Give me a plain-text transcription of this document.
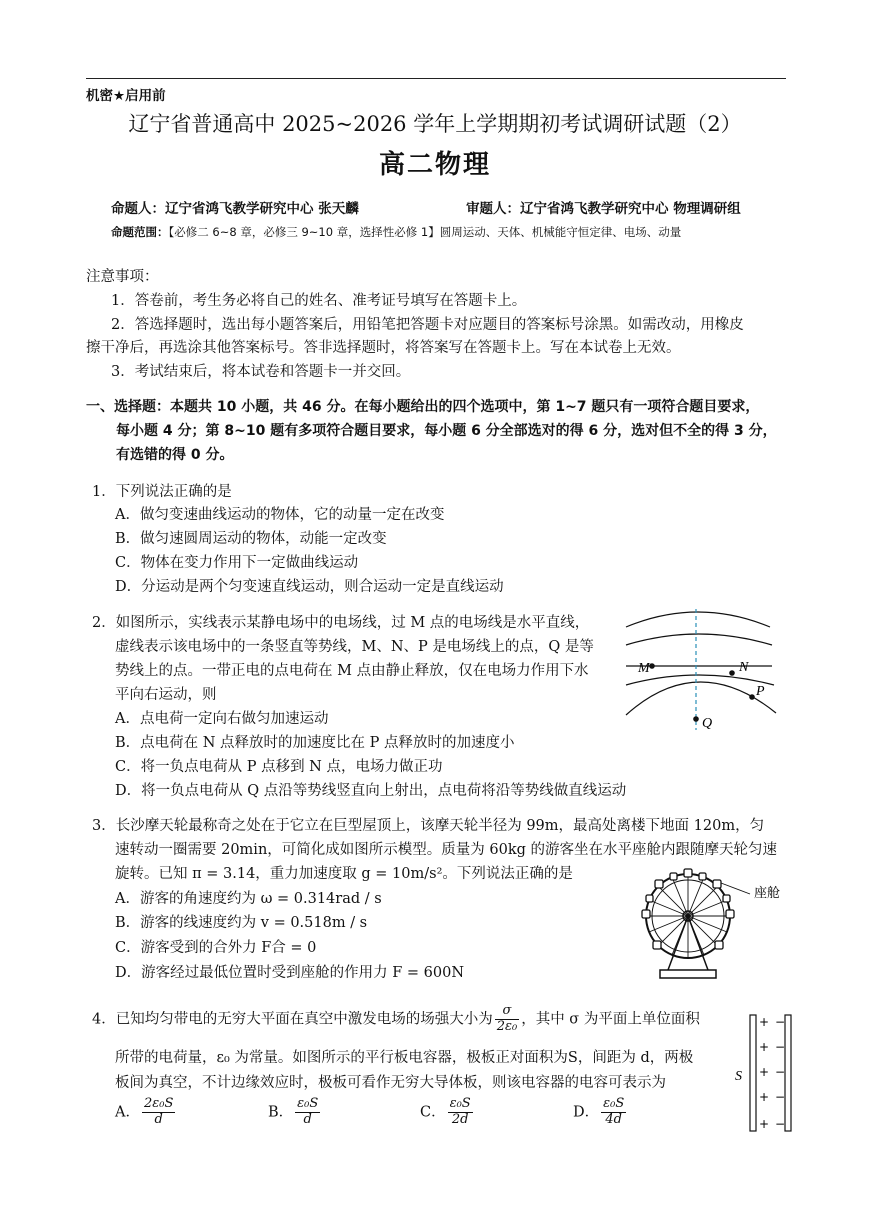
机密★启用前
辽宁省普通高中 2025~2026 学年上学期期初考试调研试题（2）
高二物理
命题人：辽宁省鸿飞教学研究中心 张天麟	审题人：辽宁省鸿飞教学研究中心 物理调研组
命题范围：【必修二 6~8 章，必修三 9~10 章，选择性必修 1】圆周运动、天体、机械能守恒定律、电场、动量
注意事项：
1．答卷前，考生务必将自己的姓名、准考证号填写在答题卡上。
2．答选择题时，选出每小题答案后，用铅笔把答题卡对应题目的答案标号涂黑。如需改动，用橡皮
擦干净后，再选涂其他答案标号。答非选择题时，将答案写在答题卡上。写在本试卷上无效。
3．考试结束后，将本试卷和答题卡一并交回。
一、选择题：本题共 10 小题，共 46 分。在每小题给出的四个选项中，第 1~7 题只有一项符合题目要求，
每小题 4 分；第 8~10 题有多项符合题目要求，每小题 6 分全部选对的得 6 分，选对但不全的得 3 分，
有选错的得 0 分。
1．下列说法正确的是
A．做匀变速曲线运动的物体，它的动量一定在改变
B．做匀速圆周运动的物体，动能一定改变
C．物体在变力作用下一定做曲线运动
D．分运动是两个匀变速直线运动，则合运动一定是直线运动
2．如图所示，实线表示某静电场中的电场线，过 M 点的电场线是水平直线，
虚线表示该电场中的一条竖直等势线，M、N、P 是电场线上的点，Q 是等
势线上的点。一带正电的点电荷在 M 点由静止释放，仅在电场力作用下水
平向右运动，则
A．点电荷一定向右做匀加速运动
B．点电荷在 N 点释放时的加速度比在 P 点释放时的加速度小
C．将一负点电荷从 P 点移到 N 点，电场力做正功
D．将一负点电荷从 Q 点沿等势线竖直向上射出，点电荷将沿等势线做直线运动
M	N
P
Q
3．长沙摩天轮最称奇之处在于它立在巨型屋顶上，该摩天轮半径为 99m，最高处离楼下地面 120m，匀
速转动一圈需要 20min，可简化成如图所示模型。质量为 60kg 的游客坐在水平座舱内跟随摩天轮匀速
旋转。已知 π = 3.14，重力加速度取 g = 10m/s²。下列说法正确的是
A．游客的角速度约为 ω = 0.314rad / s
B．游客的线速度约为 v = 0.518m / s
C．游客受到的合外力 F合 = 0
D．游客经过最低位置时受到座舱的作用力 F = 600N
座舱
4．已知均匀带电的无穷大平面在真空中激发电场的场强大小为 $\frac{\sigma}{\text{2ε₀}}$ ，其中 σ 为平面上单位面积
所带的电荷量，ε₀ 为常量。如图所示的平行板电容器，极板正对面积为S，间距为 d，两极
板间为真空，不计边缘效应时，极板可看作无穷大导体板，则该电容器的电容可表示为
A． $\frac{\text{2ε₀S}}{d}$	B． $\frac{\text{ε₀S}}{d}$	C． $\frac{\text{ε₀S}}{2d}$	D． $\frac{\text{ε₀S}}{4d}$
+
+
+
+
+
−
−
−
−
−
S
